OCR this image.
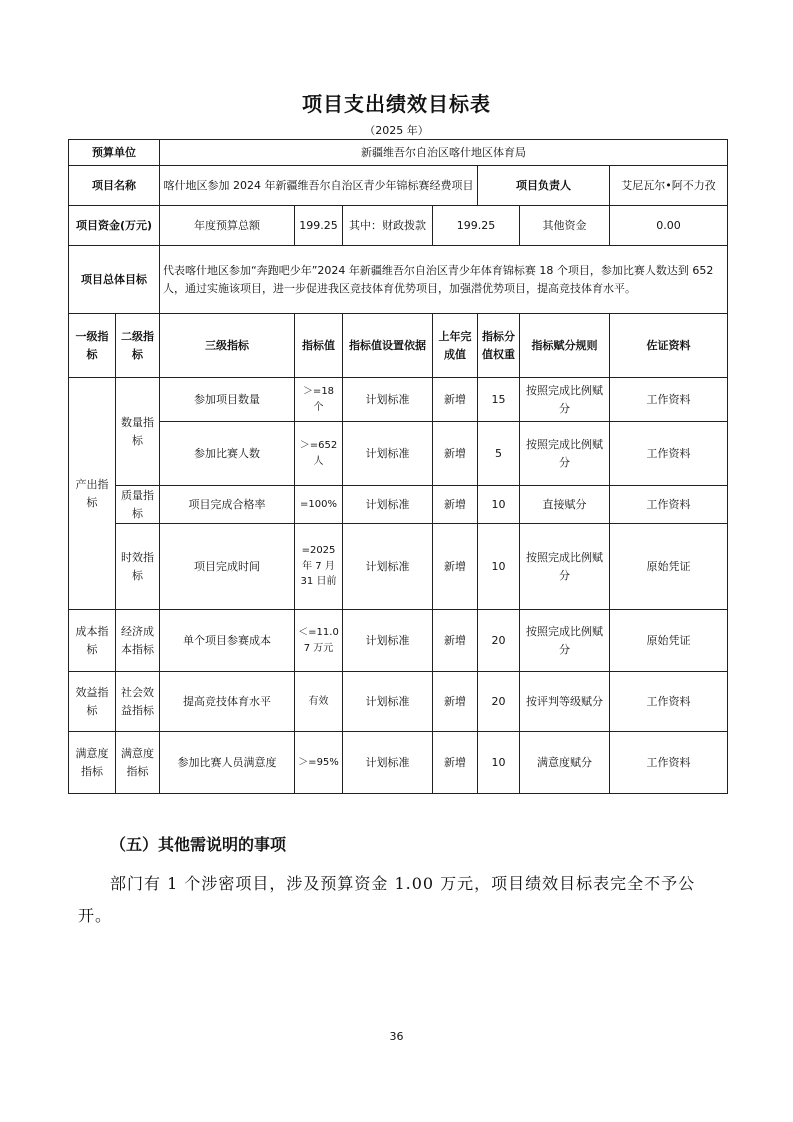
项目支出绩效目标表
（2025 年）
预算单位		新疆维吾尔自治区喀什地区体育局						
项目名称		喀什地区参加 2024 年新疆维吾尔自治区青少年锦标赛经费项目				项目负责人		艾尼瓦尔•阿不力孜
项目资金(万元)		年度预算总额	199.25	其中：财政拨款	199.25		其他资金	0.00
项目总体目标		代表喀什地区参加“奔跑吧少年”2024 年新疆维吾尔自治区青少年体育锦标赛 18 个项目，参加比赛人数达到 652 人，通过实施该项目，进一步促进我区竞技体育优势项目，加强潜优势项目，提高竞技体育水平。						
一级指标	二级指标	三级指标	指标值	指标值设置依据	上年完成值	指标分值权重	指标赋分规则	佐证资料
产出指标	数量指标	参加项目数量	＞=18 个	计划标准	新增	15	按照完成比例赋分	工作资料
		参加比赛人数	＞=652 人	计划标准	新增	5	按照完成比例赋分	工作资料
	质量指标	项目完成合格率	=100%	计划标准	新增	10	直接赋分	工作资料
	时效指标	项目完成时间	=2025 年 7 月 31 日前	计划标准	新增	10	按照完成比例赋分	原始凭证

成本指标	经济成本指标	单个项目参赛成本	＜=11.07 万元	计划标准	新增	20	按照完成比例赋分	原始凭证
效益指标	社会效益指标	提高竞技体育水平	有效	计划标准	新增	20	按评判等级赋分	工作资料
满意度指标	满意度指标	参加比赛人员满意度	＞=95%	计划标准	新增	10	满意度赋分	工作资料
（五）其他需说明的事项
部门有 1 个涉密项目，涉及预算资金 1.00 万元，项目绩效目标表完全不予公开。
36
